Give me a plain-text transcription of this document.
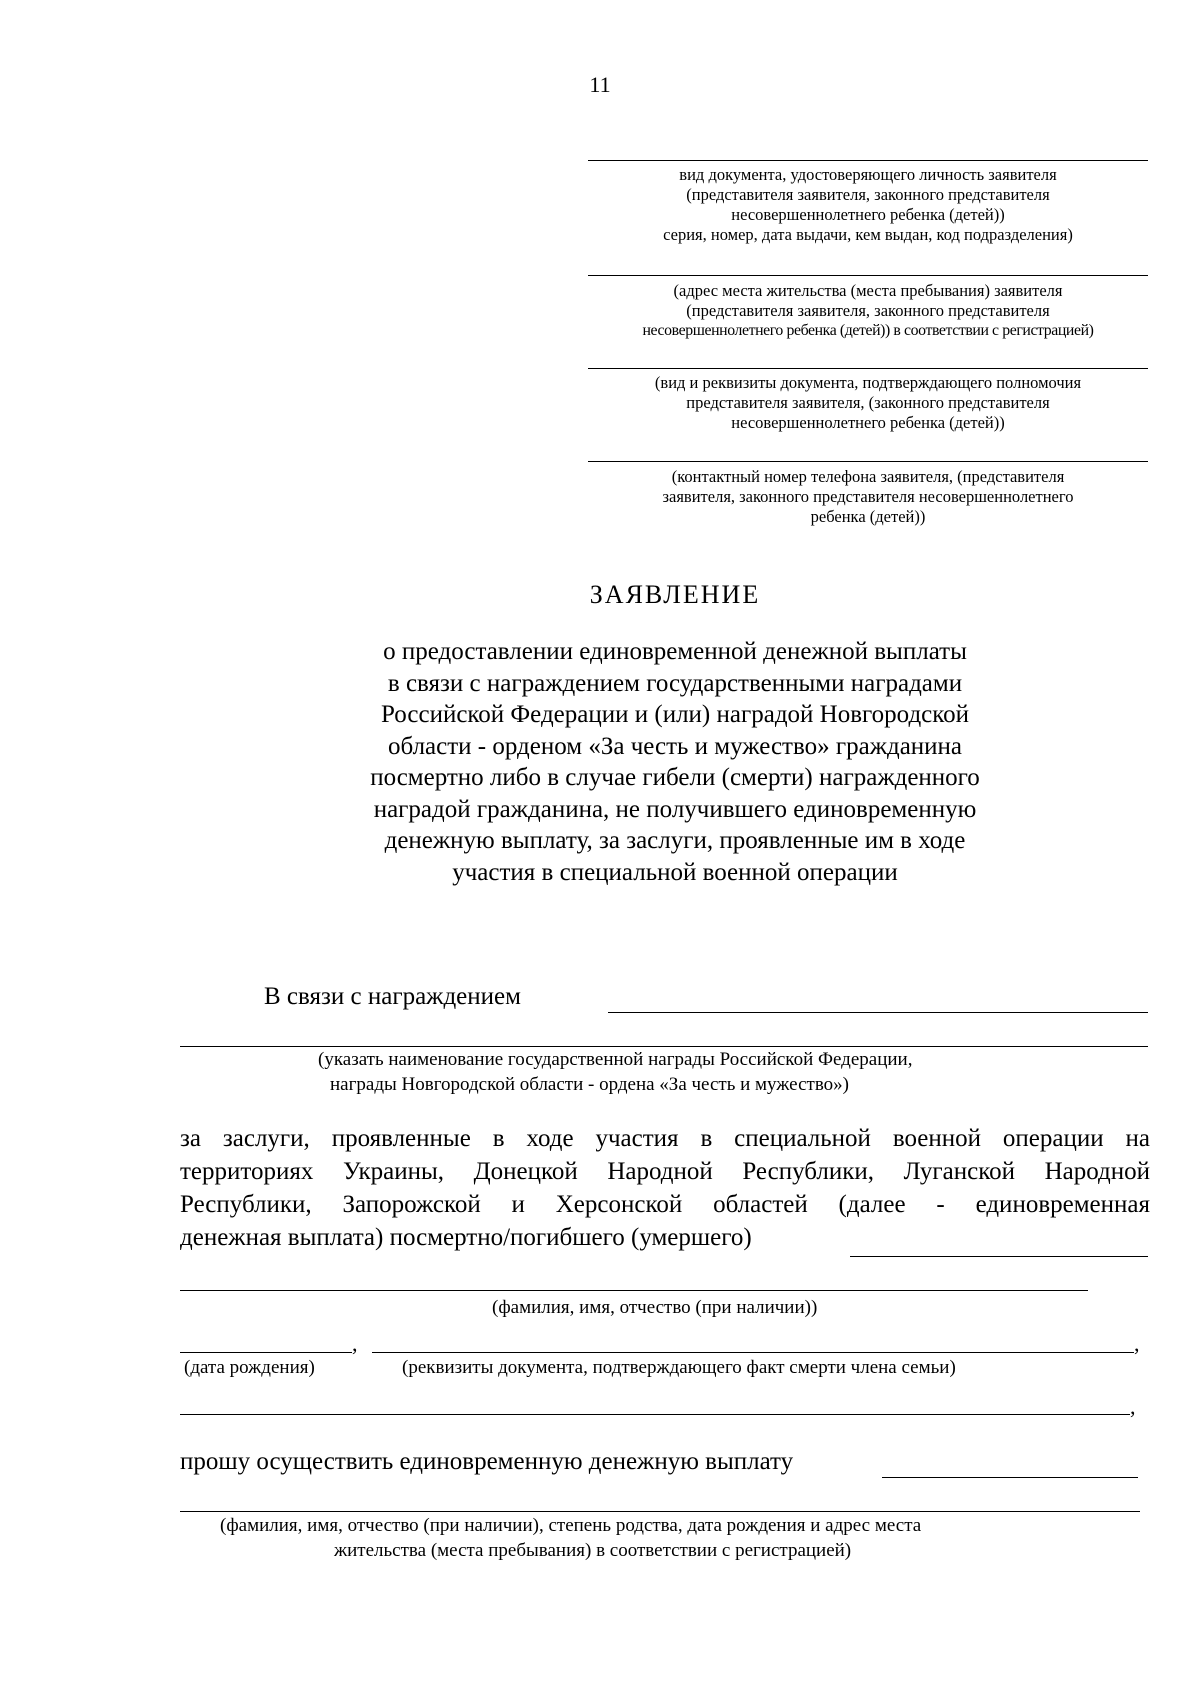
11
вид документа, удостоверяющего личность заявителя
(представителя заявителя, законного представителя
несовершеннолетнего ребенка (детей))
серия, номер, дата выдачи, кем выдан, код подразделения)
(адрес места жительства (места пребывания) заявителя
(представителя заявителя, законного представителя
несовершеннолетнего ребенка (детей)) в соответствии с регистрацией)
(вид и реквизиты документа, подтверждающего полномочия
представителя заявителя, (законного представителя
несовершеннолетнего ребенка (детей))
(контактный номер телефона заявителя, (представителя
заявителя, законного представителя несовершеннолетнего
ребенка (детей))
ЗАЯВЛЕНИЕ
о предоставлении единовременной денежной выплаты
в связи с награждением государственными наградами
Российской Федерации и (или) наградой Новгородской
области - орденом «За честь и мужество» гражданина
посмертно либо в случае гибели (смерти) награжденного
наградой гражданина, не получившего единовременную
денежную выплату, за заслуги, проявленные им в ходе
участия в специальной военной операции
В связи с награждением
(указать наименование государственной награды Российской Федерации,
награды Новгородской области - ордена «За честь и мужество»)
за заслуги, проявленные в ходе участия в специальной военной операции на
территориях Украины, Донецкой Народной Республики, Луганской Народной
Республики, Запорожской и Херсонской областей (далее - единовременная
денежная выплата) посмертно/погибшего (умершего)
(фамилия, имя, отчество (при наличии))
,	,
(дата рождения)	(реквизиты документа, подтверждающего факт смерти члена семьи)
,
прошу осуществить единовременную денежную выплату
(фамилия, имя, отчество (при наличии), степень родства, дата рождения и адрес места
жительства (места пребывания) в соответствии с регистрацией)
